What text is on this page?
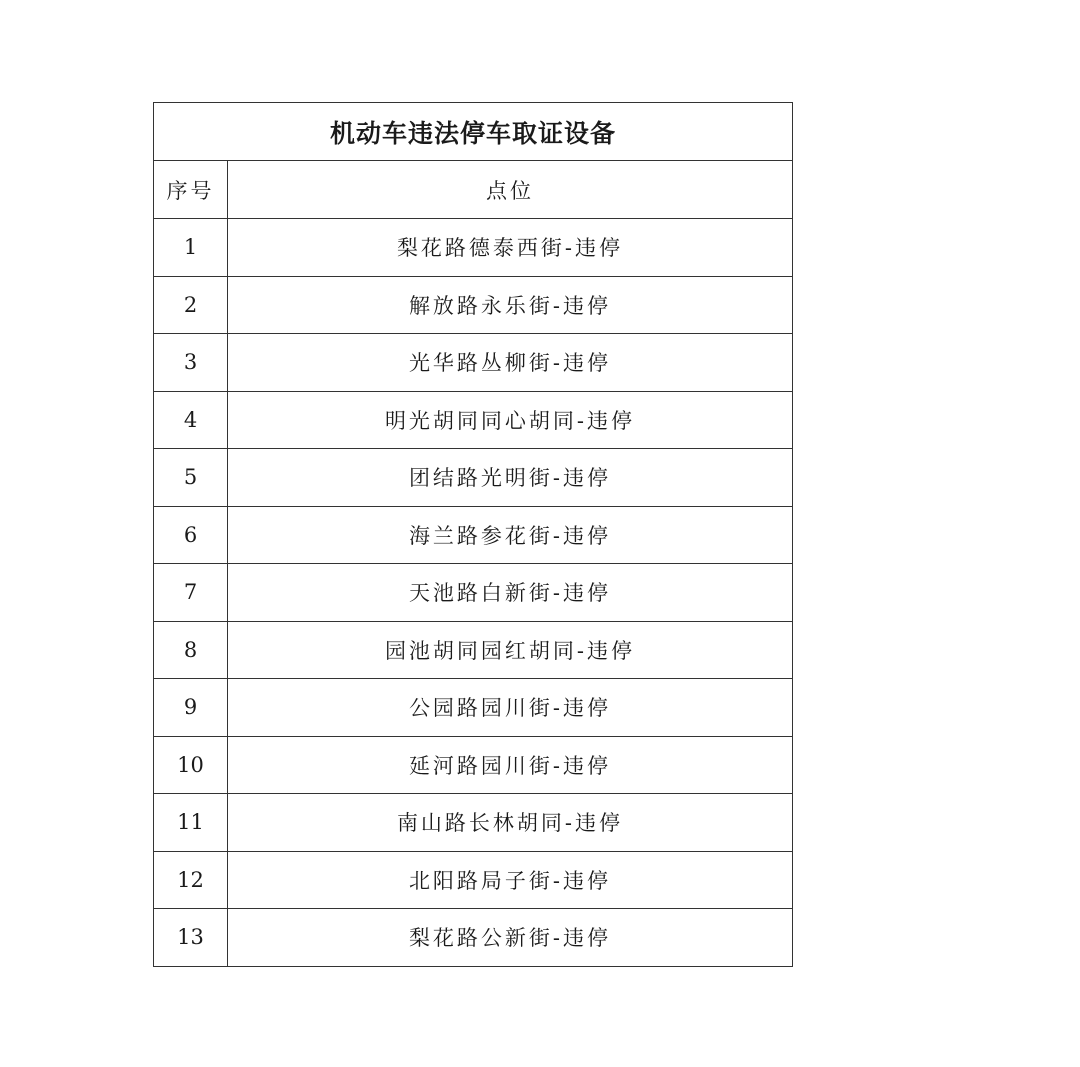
机动车违法停车取证设备	
序号	点位
1	梨花路德泰西街-违停
2	解放路永乐街-违停
3	光华路丛柳街-违停
4	明光胡同同心胡同-违停
5	团结路光明街-违停
6	海兰路参花街-违停
7	天池路白新街-违停
8	园池胡同园红胡同-违停
9	公园路园川街-违停
10	延河路园川街-违停
11	南山路长林胡同-违停
12	北阳路局子街-违停
13	梨花路公新街-违停
